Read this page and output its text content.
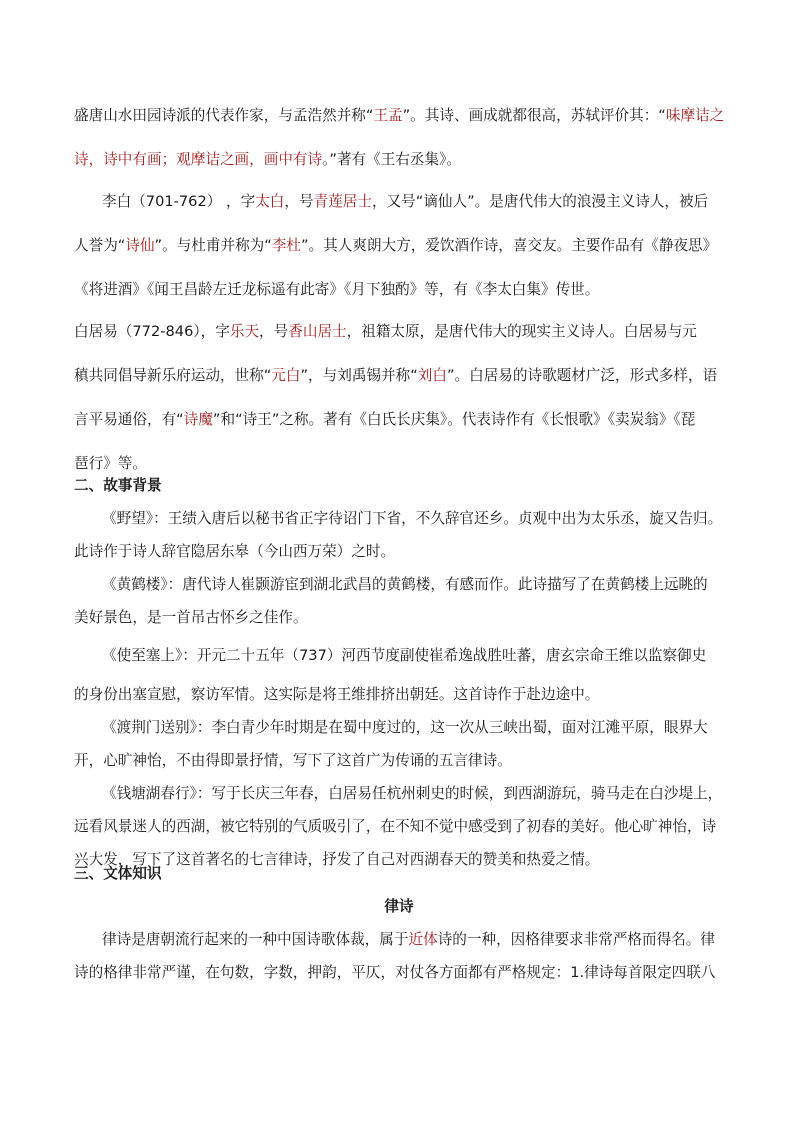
盛唐山水田园诗派的代表作家，与孟浩然并称“王孟”。其诗、画成就都很高，苏轼评价其：“味摩诘之
诗，诗中有画；观摩诘之画，画中有诗。”著有《王右丞集》。
李白（701-762） ，字太白，号青莲居士，又号“谪仙人”。是唐代伟大的浪漫主义诗人，被后
人誉为“诗仙”。与杜甫并称为“李杜”。其人爽朗大方，爱饮酒作诗，喜交友。主要作品有《静夜思》
《将进酒》《闻王昌龄左迁龙标遥有此寄》《月下独酌》等，有《李太白集》传世。
白居易（772-846），字乐天，号香山居士，祖籍太原，是唐代伟大的现实主义诗人。白居易与元
稹共同倡导新乐府运动，世称“元白”，与刘禹锡并称“刘白”。白居易的诗歌题材广泛，形式多样，语
言平易通俗，有“诗魔”和“诗王”之称。著有《白氏长庆集》。代表诗作有《长恨歌》《卖炭翁》《琵
琶行》等。
二、故事背景
《野望》：王绩入唐后以秘书省正字待诏门下省，不久辞官还乡。贞观中出为太乐丞，旋又告归。
此诗作于诗人辞官隐居东皋（今山西万荣）之时。
《黄鹤楼》：唐代诗人崔颢游宦到湖北武昌的黄鹤楼，有感而作。此诗描写了在黄鹤楼上远眺的
美好景色，是一首吊古怀乡之佳作。
《使至塞上》：开元二十五年（737）河西节度副使崔希逸战胜吐蕃，唐玄宗命王维以监察御史
的身份出塞宣慰，察访军情。这实际是将王维排挤出朝廷。这首诗作于赴边途中。
《渡荆门送别》：李白青少年时期是在蜀中度过的，这一次从三峡出蜀，面对江滩平原，眼界大
开，心旷神怡，不由得即景抒情，写下了这首广为传诵的五言律诗。
《钱塘湖春行》：写于长庆三年春，白居易任杭州刺史的时候，到西湖游玩，骑马走在白沙堤上，
远看风景迷人的西湖，被它特别的气质吸引了，在不知不觉中感受到了初春的美好。他心旷神怡，诗
兴大发，写下了这首著名的七言律诗，抒发了自己对西湖春天的赞美和热爱之情。
三、文体知识
律诗
律诗是唐朝流行起来的一种中国诗歌体裁，属于近体诗的一种，因格律要求非常严格而得名。律
诗的格律非常严谨，在句数，字数，押韵，平仄，对仗各方面都有严格规定：1.律诗每首限定四联八
